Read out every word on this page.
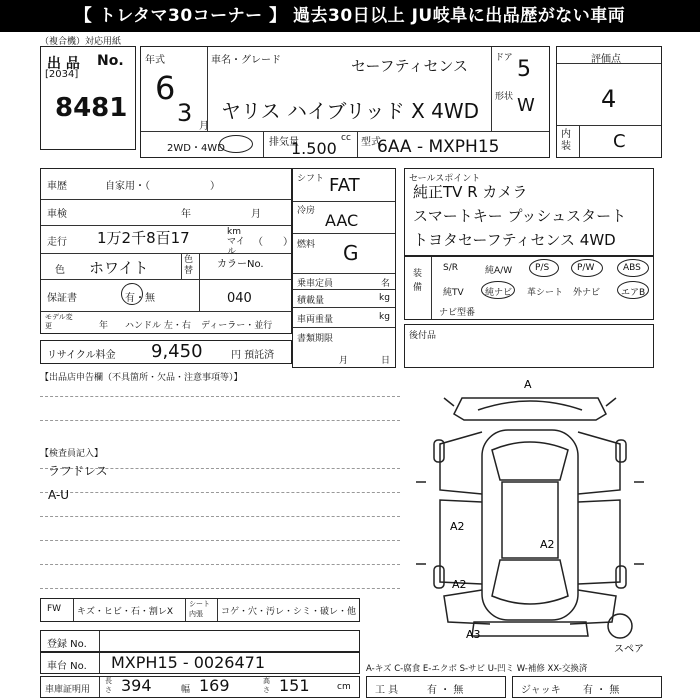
【 トレタマ30コーナー 】 過去30日以上 JU岐阜に出品歴がない車両
（複合機）対応用紙
出 品 No.
[2034]
8481
年式
6
3 月
車名・グレード	セーフティセンス
ヤリス ハイブリッド X 4WD
ドア 5
形状 W
2WD・4WD
排気量	cc
1.500 型式
6AA - MXPH15
評価点
4
内装 C
車歴	自家用・（　　　　　　）
車検	年	月
走行 1万2千8百17	km マイル
（　　）
色 ホワイト	色替
カラーNo.
040
保証書	有・無
モデル変更	年 ハンドル 左・右 ディーラー・並行
リサイクル料金 9,450	円 預託済
シフト FAT
冷房 AAC
燃料 G
乗車定員	名
積載量	kg
車両重量	kg
書類期限
月	日
セールスポイント
純正TV R カメラ
スマートキー プッシュスタート
トヨタセーフティセンス 4WD
装備
S/R	純A/W	P/S	P/W	ABS
純TV 純ナビ 革シート 外ナビ エアB
ナビ型番
後付品
【出品店申告欄（不具箇所・欠品・注意事項等）】
【検査員記入】
ラフドレス
A-U
A
A2
A2
A2
A3
スペア
FW キズ・ヒビ・石・割レX
シート 内張	コゲ・穴・汚レ・シミ・破レ・他
登録 No.
車台 No. MXPH15 - 0026471
車庫証明用
長さ 394	幅 169	高さ 151	cm
A-キズ C-腐食 E-エクボ S-サビ U-凹ミ W-補修 XX-交換済
工 具	有 ・ 無	ジャッキ 有 ・ 無
